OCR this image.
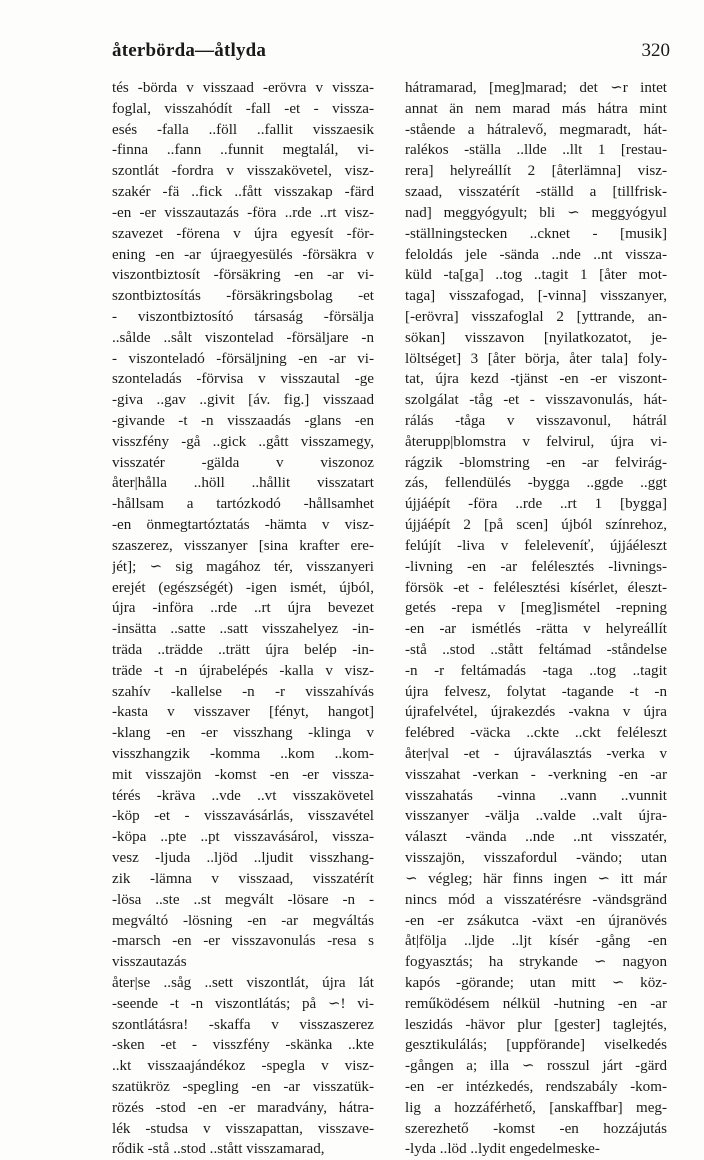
återbörda—åtlyda	320
tés -börda v visszaad -erövra v vissza-
foglal, visszahódít -fall -et - vissza-
esés -falla ..föll ..fallit visszaesik
-finna ..fann ..funnit megtalál, vi-
szontlát -fordra v visszakövetel, visz-
szakér -fä ..fick ..fått visszakap -färd
-en -er visszautazás -föra ..rde ..rt visz-
szavezet -förena v újra egyesít -för-
ening -en -ar újraegyesülés -försäkra v
viszontbiztosít -försäkring -en -ar vi-
szontbiztosítás -försäkringsbolag -et
- viszontbiztosító társaság -försälja
..sålde ..sålt viszontelad -försäljare -n
- viszonteladó -försäljning -en -ar vi-
szonteladás -förvisa v visszautal -ge
-giva ..gav ..givit [áv. fig.] visszaad
-givande -t -n visszaadás -glans -en
visszfény -gå ..gick ..gått visszamegy,
visszatér -gälda v viszonoz
åter|hålla ..höll ..hållit visszatart
-hållsam a tartózkodó -hållsamhet
-en önmegtartóztatás -hämta v visz-
szaszerez, visszanyer [sina krafter ere-
jét]; ∽ sig magához tér, visszanyeri
erejét (egészségét) -igen ismét, újból,
újra -införa ..rde ..rt újra bevezet
-insätta ..satte ..satt visszahelyez -in-
träda ..trädde ..trätt újra belép -in-
träde -t -n újrabelépés -kalla v visz-
szahív -kallelse -n -r visszahívás
-kasta v visszaver [fényt, hangot]
-klang -en -er visszhang -klinga v
visszhangzik -komma ..kom ..kom-
mit visszajön -komst -en -er vissza-
térés -kräva ..vde ..vt visszakövetel
-köp -et - visszavásárlás, visszavétel
-köpa ..pte ..pt visszavásárol, vissza-
vesz -ljuda ..ljöd ..ljudit visszhang-
zik -lämna v visszaad, visszatérít
-lösa ..ste ..st megvált -lösare -n -
megváltó -lösning -en -ar megváltás
-marsch -en -er visszavonulás -resa s
visszautazás
åter|se ..såg ..sett viszontlát, újra lát
-seende -t -n viszontlátás; på ∽! vi-
szontlátásra! -skaffa v visszaszerez
-sken -et - visszfény -skänka ..kte
..kt visszaajándékoz -spegla v visz-
szatükröz -spegling -en -ar visszatük-
rözés -stod -en -er maradvány, hátra-
lék -studsa v visszapattan, visszave-
rődik -stå ..stod ..stått visszamarad,
hátramarad, [meg]marad; det ∽r intet
annat än nem marad más hátra mint
-stående a hátralevő, megmaradt, hát-
ralékos -ställa ..llde ..llt 1 [restau-
rera] helyreállít 2 [återlämna] visz-
szaad, visszatérít -ställd a [tillfrisk-
nad] meggyógyult; bli ∽ meggyógyul
-ställningstecken ..cknet - [musik]
feloldás jele -sända ..nde ..nt vissza-
küld -ta[ga] ..tog ..tagit 1 [åter mot-
taga] visszafogad, [-vinna] visszanyer,
[-erövra] visszafoglal 2 [yttrande, an-
sökan] visszavon [nyilatkozatot, je-
löltséget] 3 [åter börja, åter tala] foly-
tat, újra kezd -tjänst -en -er viszont-
szolgálat -tåg -et - visszavonulás, hát-
rálás -tåga v visszavonul, hátrál
återupp|blomstra v felvirul, újra vi-
rágzik -blomstring -en -ar felvirág-
zás, fellendülés -bygga ..ggde ..ggt
újjáépít -föra ..rde ..rt 1 [bygga]
újjáépít 2 [på scen] újból színrehoz,
felújít -liva v feleleveníť, újjáéleszt
-livning -en -ar felélesztés -livnings-
försök -et - felélesztési kísérlet, éleszt-
getés -repa v [meg]ismétel -repning
-en -ar ismétlés -rätta v helyreállít
-stå ..stod ..stått feltámad -ståndelse
-n -r feltámadás -taga ..tog ..tagit
újra felvesz, folytat -tagande -t -n
újrafelvétel, újrakezdés -vakna v újra
felébred -väcka ..ckte ..ckt feléleszt
åter|val -et - újraválasztás -verka v
visszahat -verkan - -verkning -en -ar
visszahatás -vinna ..vann ..vunnit
visszanyer -välja ..valde ..valt újra-
választ -vända ..nde ..nt visszatér,
visszajön, visszafordul -vändo; utan
∽ végleg; här finns ingen ∽ itt már
nincs mód a visszatérésre -vändsgränd
-en -er zsákutca -växt -en újranövés
åt|följa ..ljde ..ljt kísér -gång -en
fogyasztás; ha strykande ∽ nagyon
kapós -görande; utan mitt ∽ köz-
reműködésem nélkül -hutning -en -ar
leszidás -hävor plur [gester] taglejtés,
gesztikulálás; [uppförande] viselkedés
-gången a; illa ∽ rosszul járt -gärd
-en -er intézkedés, rendszabály -kom-
lig a hozzáférhető, [anskaffbar] meg-
szerezhető -komst -en hozzájutás
-lyda ..löd ..lydit engedelmeske-
